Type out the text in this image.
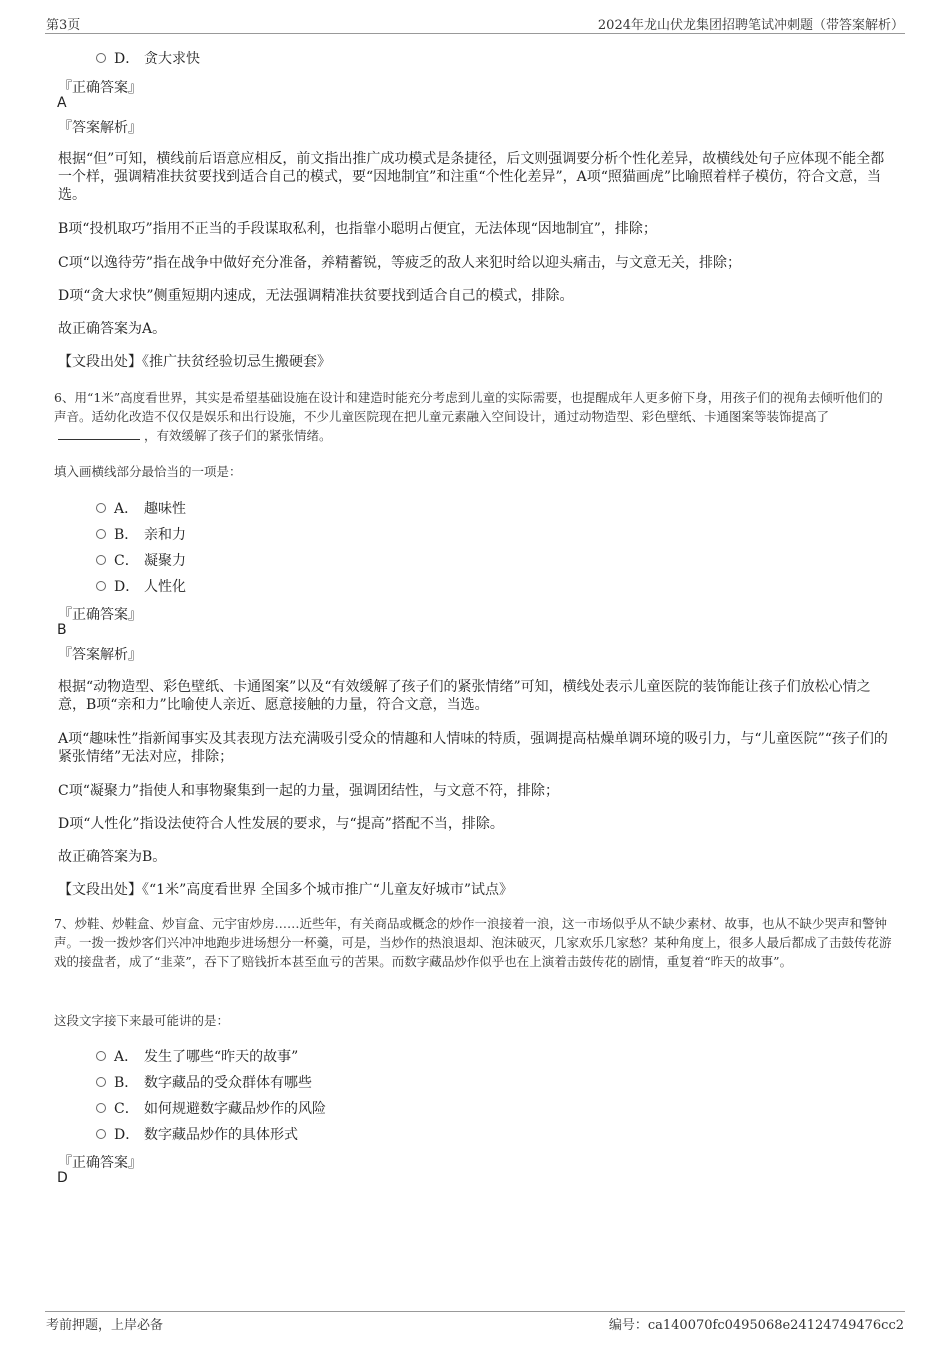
第3页	2024年龙山伏龙集团招聘笔试冲刺题（带答案解析）
D． 贪大求快
『正确答案』
A
『答案解析』
根据“但”可知，横线前后语意应相反，前文指出推广成功模式是条捷径，后文则强调要分析个性化差异，故横线处句子应体现不能全都一个样，强调精准扶贫要找到适合自己的模式，要“因地制宜”和注重“个性化差异”，A项“照猫画虎”比喻照着样子模仿，符合文意，当选。
B项“投机取巧”指用不正当的手段谋取私利，也指靠小聪明占便宜，无法体现“因地制宜”，排除；
C项“以逸待劳”指在战争中做好充分准备，养精蓄锐，等疲乏的敌人来犯时给以迎头痛击，与文意无关，排除；
D项“贪大求快”侧重短期内速成，无法强调精准扶贫要找到适合自己的模式，排除。
故正确答案为A。
【文段出处】《推广扶贫经验切忌生搬硬套》
6、用“1米”高度看世界，其实是希望基础设施在设计和建造时能充分考虑到儿童的实际需要，也提醒成年人更多俯下身，用孩子们的视角去倾听他们的声音。适幼化改造不仅仅是娱乐和出行设施，不少儿童医院现在把儿童元素融入空间设计，通过动物造型、彩色壁纸、卡通图案等装饰提高了，有效缓解了孩子们的紧张情绪。
填入画横线部分最恰当的一项是：
A． 趣味性
B． 亲和力
C． 凝聚力
D． 人性化
『正确答案』
B
『答案解析』
根据“动物造型、彩色壁纸、卡通图案”以及“有效缓解了孩子们的紧张情绪”可知，横线处表示儿童医院的装饰能让孩子们放松心情之意，B项“亲和力”比喻使人亲近、愿意接触的力量，符合文意，当选。
A项“趣味性”指新闻事实及其表现方法充满吸引受众的情趣和人情味的特质，强调提高枯燥单调环境的吸引力，与“儿童医院”“孩子们的紧张情绪”无法对应，排除；
C项“凝聚力”指使人和事物聚集到一起的力量，强调团结性，与文意不符，排除；
D项“人性化”指设法使符合人性发展的要求，与“提高”搭配不当，排除。
故正确答案为B。
【文段出处】《“1米”高度看世界 全国多个城市推广“儿童友好城市”试点》
7、炒鞋、炒鞋盒、炒盲盒、元宇宙炒房……近些年，有关商品或概念的炒作一浪接着一浪，这一市场似乎从不缺少素材、故事，也从不缺少哭声和警钟声。一拨一拨炒客们兴冲冲地跑步进场想分一杯羹，可是，当炒作的热浪退却、泡沫破灭，几家欢乐几家愁？某种角度上，很多人最后都成了击鼓传花游戏的接盘者，成了“韭菜”，吞下了赔钱折本甚至血亏的苦果。而数字藏品炒作似乎也在上演着击鼓传花的剧情，重复着“昨天的故事”。
这段文字接下来最可能讲的是：
A． 发生了哪些“昨天的故事”
B． 数字藏品的受众群体有哪些
C． 如何规避数字藏品炒作的风险
D． 数字藏品炒作的具体形式
『正确答案』
D
考前押题，上岸必备	编号：ca140070fc0495068e24124749476cc2
